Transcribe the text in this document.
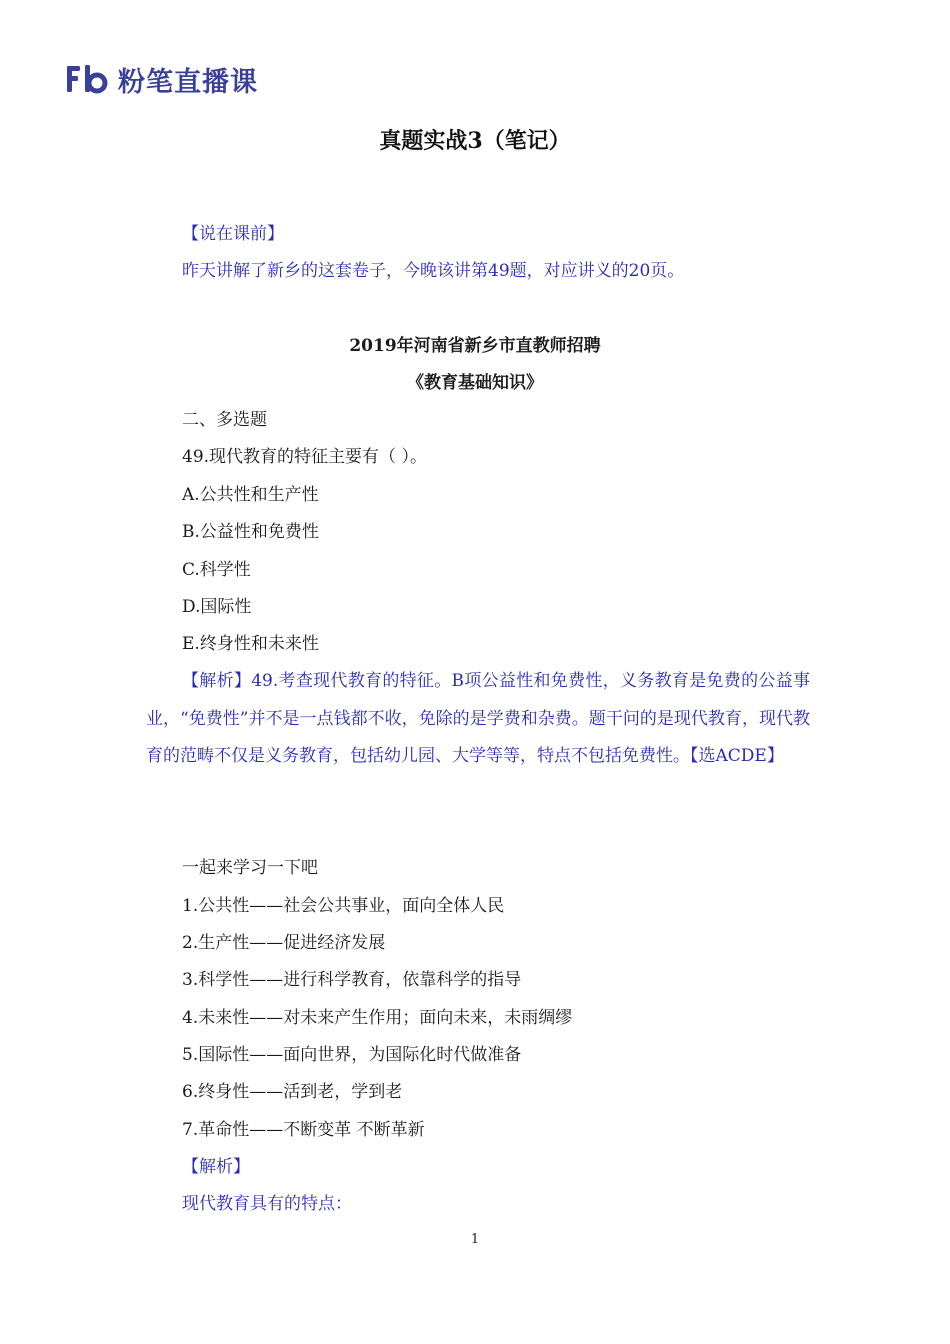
粉笔直播课
真题实战3（笔记）
【说在课前】
昨天讲解了新乡的这套卷子，今晚该讲第49题，对应讲义的20页。
2019年河南省新乡市直教师招聘
《教育基础知识》
二、多选题
49.现代教育的特征主要有（ ）。
A.公共性和生产性
B.公益性和免费性
C.科学性
D.国际性
E.终身性和未来性
【解析】49.考查现代教育的特征。B项公益性和免费性，义务教育是免费的公益事业，“免费性”并不是一点钱都不收，免除的是学费和杂费。题干问的是现代教育，现代教育的范畴不仅是义务教育，包括幼儿园、大学等等，特点不包括免费性。【选ACDE】
一起来学习一下吧
1.公共性——社会公共事业，面向全体人民
2.生产性——促进经济发展
3.科学性——进行科学教育，依靠科学的指导
4.未来性——对未来产生作用；面向未来，未雨绸缪
5.国际性——面向世界，为国际化时代做准备
6.终身性——活到老，学到老
7.革命性——不断变革 不断革新
【解析】
现代教育具有的特点：
1
